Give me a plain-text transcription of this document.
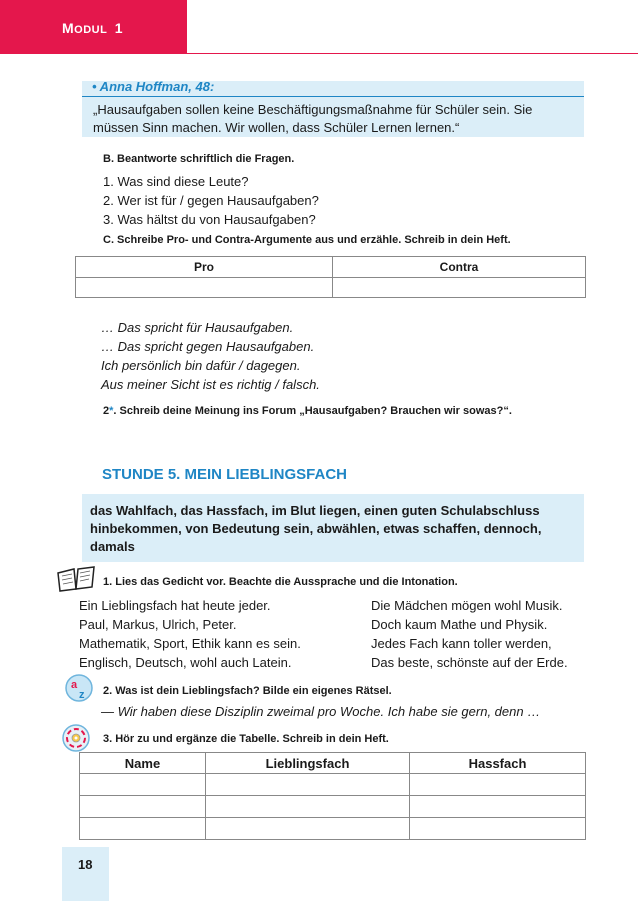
MODUL 1
• Anna Hoffman, 48:
„Hausaufgaben sollen keine Beschäftigungsmaßnahme für Schüler sein. Sie müssen Sinn machen. Wir wollen, dass Schüler Lernen lernen.“
B. Beantworte schriftlich die Fragen.
1. Was sind diese Leute?
2. Wer ist für / gegen Hausaufgaben?
3. Was hältst du von Hausaufgaben?
C. Schreibe Pro- und Contra-Argumente aus und erzähle. Schreib in dein Heft.
Pro	Contra

… Das spricht für Hausaufgaben.
… Das spricht gegen Hausaufgaben.
Ich persönlich bin dafür / dagegen.
Aus meiner Sicht ist es richtig / falsch.
2*. Schreib deine Meinung ins Forum „Hausaufgaben? Brauchen wir sowas?“.
STUNDE 5. MEIN LIEBLINGSFACH
das Wahlfach, das Hassfach, im Blut liegen, einen guten Schulabschluss hinbekommen, von Bedeutung sein, abwählen, etwas schaffen, dennoch, damals
1. Lies das Gedicht vor. Beachte die Aussprache und die Intonation.
Ein Lieblingsfach hat heute jeder.
Paul, Markus, Ulrich, Peter.
Mathematik, Sport, Ethik kann es sein.
Englisch, Deutsch, wohl auch Latein.
Die Mädchen mögen wohl Musik.
Doch kaum Mathe und Physik.
Jedes Fach kann toller werden,
Das beste, schönste auf der Erde.
a
z 2. Was ist dein Lieblingsfach? Bilde ein eigenes Rätsel.
— Wir haben diese Disziplin zweimal pro Woche. Ich habe sie gern, denn …
3. Hör zu und ergänze die Tabelle. Schreib in dein Heft.
Name	Lieblingsfach	Hassfach

18
